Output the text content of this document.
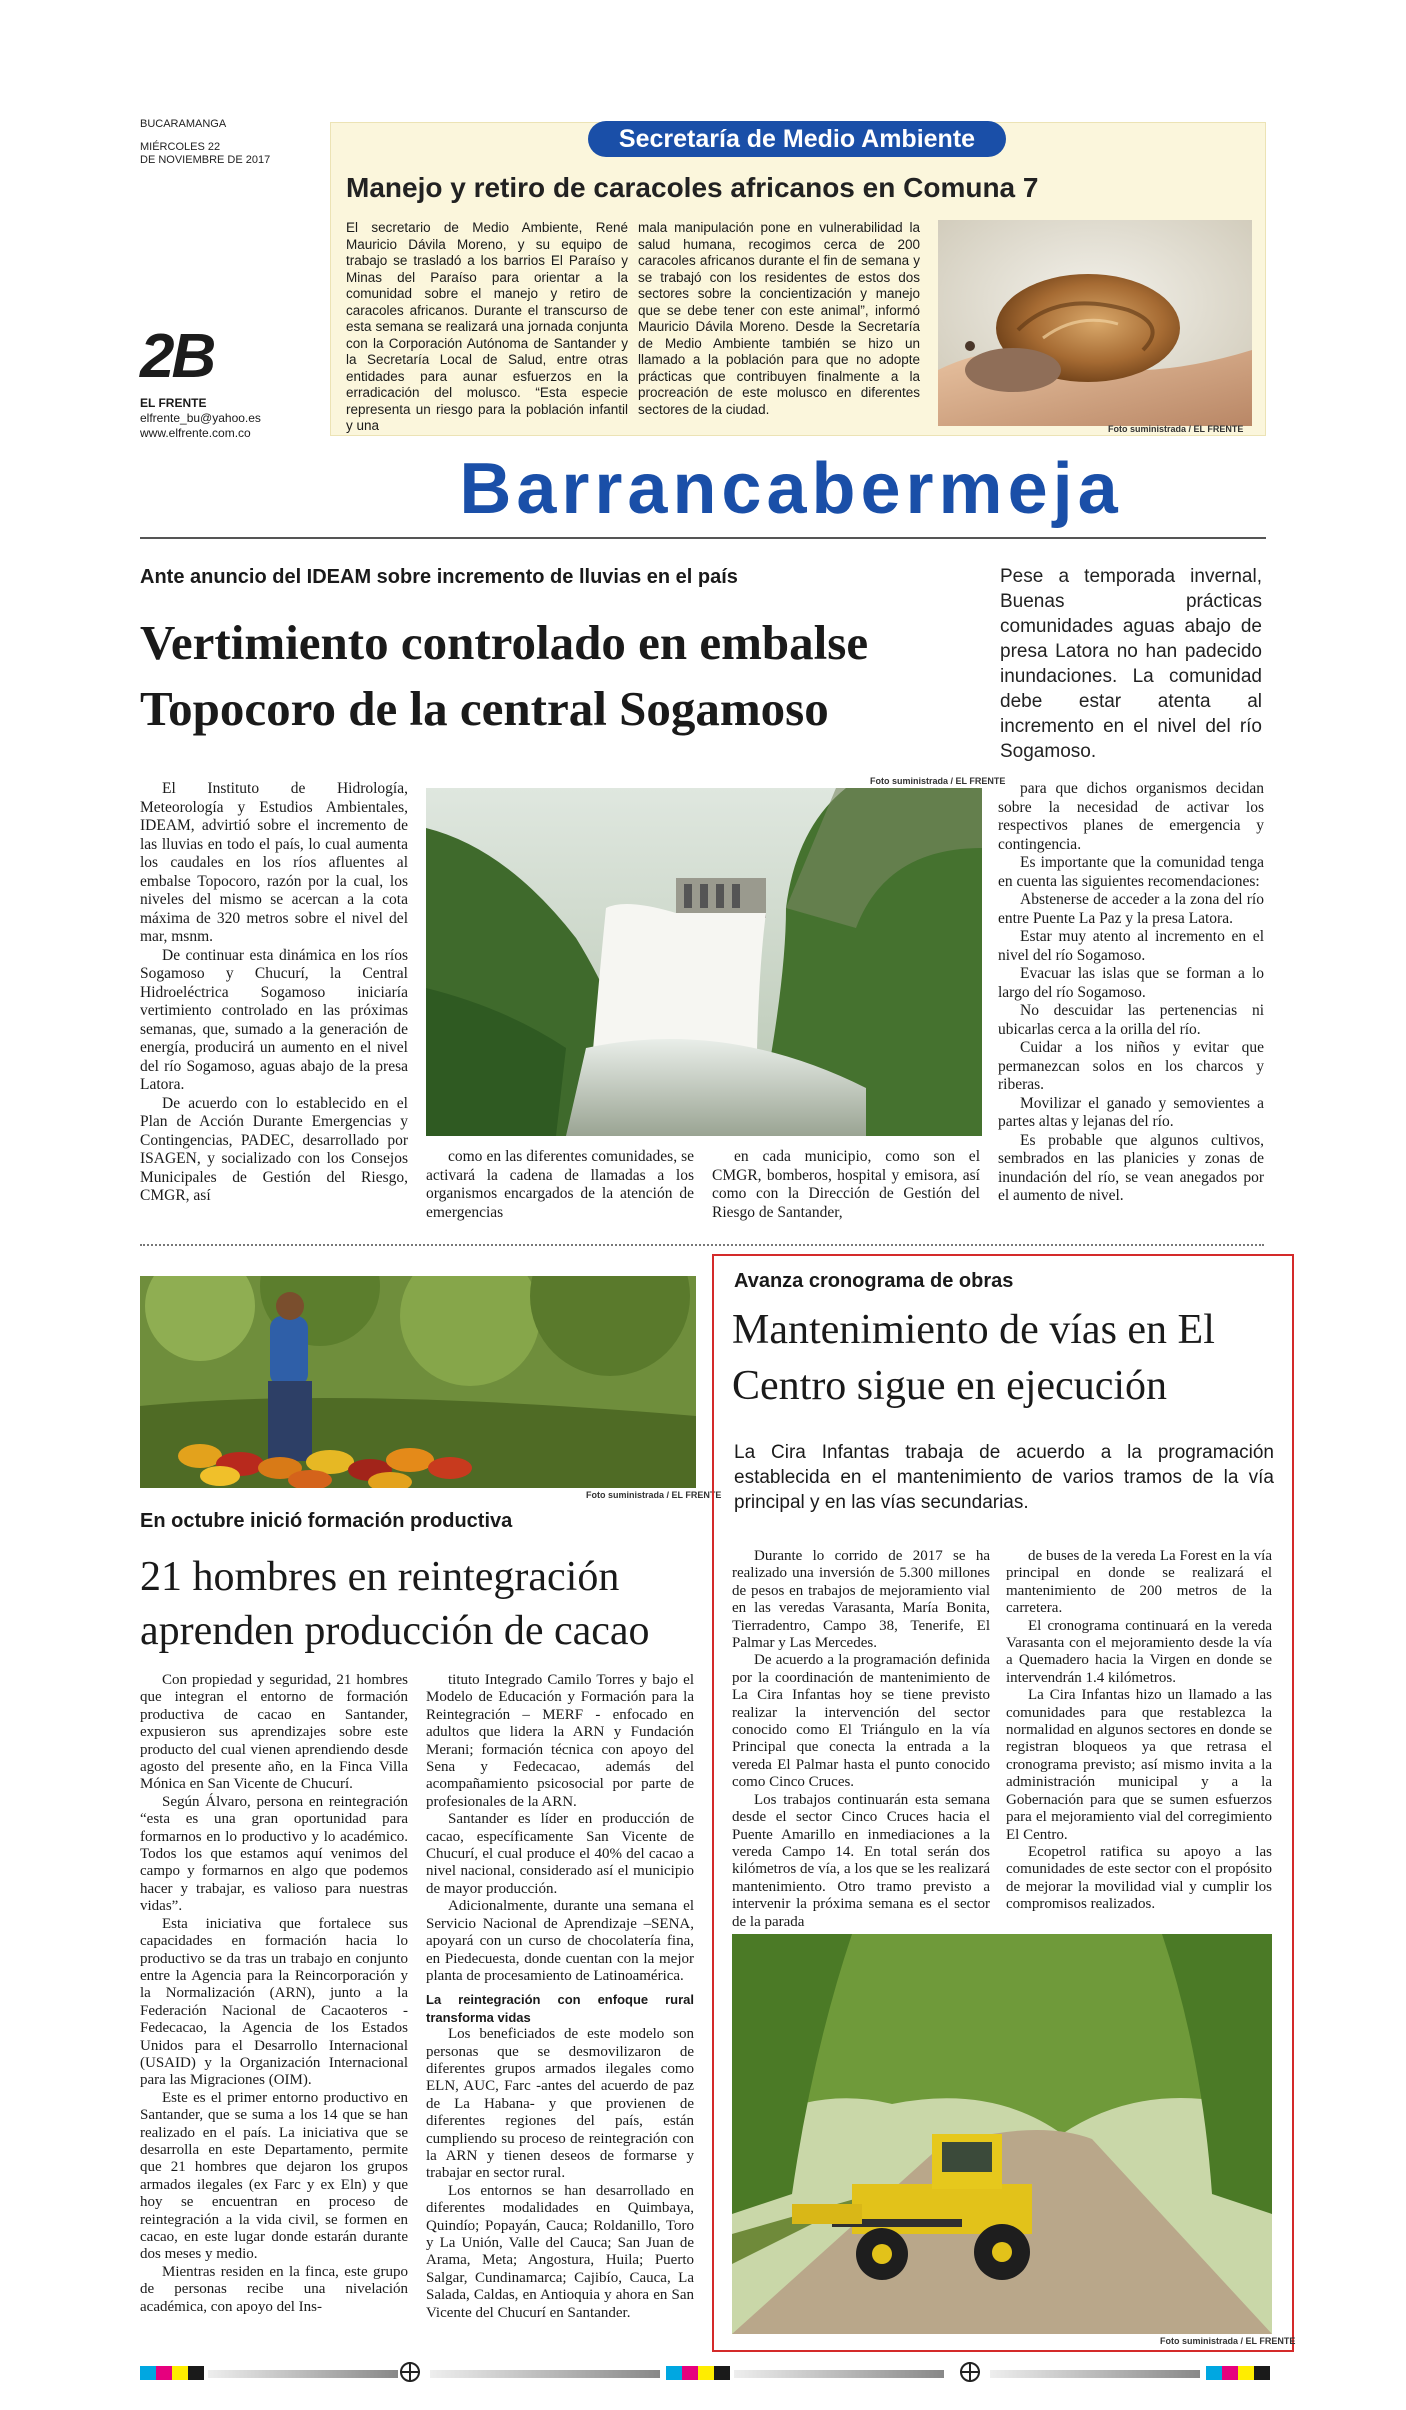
BUCARAMANGA
MIÉRCOLES 22
DE NOVIEMBRE DE 2017
2B
EL FRENTE
elfrente_bu@yahoo.es
www.elfrente.com.co
Secretaría de Medio Ambiente
Manejo y retiro de caracoles africanos en Comuna 7
El secretario de Medio Ambiente, René Mauricio Dávila Moreno, y su equipo de trabajo se trasladó a los barrios El Paraíso y Minas del Paraíso para orientar a la comunidad sobre el manejo y retiro de caracoles africanos. Durante el transcurso de esta semana se realizará una jornada conjunta con la Corporación Autónoma de Santander y la Secretaría Local de Salud, entre otras entidades para aunar esfuerzos en la erradicación del molusco. “Esta especie representa un riesgo para la población infantil y una
mala manipulación pone en vulnerabilidad la salud humana, recogimos cerca de 200 caracoles africanos durante el fin de semana y se trabajó con los residentes de estos dos sectores sobre la concientización y manejo que se debe tener con este animal”, informó Mauricio Dávila Moreno. Desde la Secretaría de Medio Ambiente también se hizo un llamado a la población para que no adopte prácticas que contribuyen finalmente a la procreación de este molusco en diferentes sectores de la ciudad.
Foto suministrada / EL FRENTE
Barrancabermeja
Ante anuncio del IDEAM sobre incremento de lluvias en el país
Vertimiento controlado en embalse
Topocoro de la central Sogamoso
Pese a temporada invernal, Buenas prácticas comunidades aguas abajo de presa Latora no han padecido inundaciones. La comunidad debe estar atenta al incremento en el nivel del río Sogamoso.

El Instituto de Hidrología, Meteorología y Estudios Ambientales, IDEAM, advirtió sobre el incremento de las lluvias en todo el país, lo cual aumenta los caudales en los ríos afluentes al embalse Topocoro, razón por la cual, los niveles del mismo se acercan a la cota máxima de 320 metros sobre el nivel del mar, msnm.

De continuar esta dinámica en los ríos Sogamoso y Chucurí, la Central Hidroeléctrica Sogamoso iniciaría vertimiento controlado en las próximas semanas, que, sumado a la generación de energía, producirá un aumento en el nivel del río Sogamoso, aguas abajo de la presa Latora.

De acuerdo con lo establecido en el Plan de Acción Durante Emergencias y Contingencias, PADEC, desarrollado por ISAGEN, y socializado con los Consejos Municipales de Gestión del Riesgo, CMGR, así

Foto suministrada / EL FRENTE

como en las diferentes comunidades, se activará la cadena de llamadas a los organismos encargados de la atención de emergencias

en cada municipio, como son el CMGR, bomberos, hospital y emisora, así como con la Dirección de Gestión del Riesgo de Santander,

para que dichos organismos decidan sobre la necesidad de activar los respectivos planes de emergencia y contingencia.

Es importante que la comunidad tenga en cuenta las siguientes recomendaciones:

Abstenerse de acceder a la zona del río entre Puente La Paz y la presa Latora.

Estar muy atento al incremento en el nivel del río Sogamoso.

Evacuar las islas que se forman a lo largo del río Sogamoso.

No descuidar las pertenencias ni ubicarlas cerca a la orilla del río.

Cuidar a los niños y evitar que permanezcan solos en los charcos y riberas.

Movilizar el ganado y semovientes a partes altas y lejanas del río.

Es probable que algunos cultivos, sembrados en las planicies y zonas de inundación del río, se vean anegados por el aumento de nivel.

Foto suministrada / EL FRENTE
En octubre inició formación productiva
21 hombres en reintegración
aprenden producción de cacao

Con propiedad y seguridad, 21 hombres que integran el entorno de formación productiva de cacao en Santander, expusieron sus aprendizajes sobre este producto del cual vienen aprendiendo desde agosto del presente año, en la Finca Villa Mónica en San Vicente de Chucurí.

Según Álvaro, persona en reintegración “esta es una gran oportunidad para formarnos en lo productivo y lo académico. Todos los que estamos aquí venimos del campo y formarnos en algo que podemos hacer y trabajar, es valioso para nuestras vidas”.

Esta iniciativa que fortalece sus capacidades en formación hacia lo productivo se da tras un trabajo en conjunto entre la Agencia para la Reincorporación y la Normalización (ARN), junto a la Federación Nacional de Cacaoteros - Fedecacao, la Agencia de los Estados Unidos para el Desarrollo Internacional (USAID) y la Organización Internacional para las Migraciones (OIM).

Este es el primer entorno productivo en Santander, que se suma a los 14 que se han realizado en el país. La iniciativa que se desarrolla en este Departamento, permite que 21 hombres que dejaron los grupos armados ilegales (ex Farc y ex Eln) y que hoy se encuentran en proceso de reintegración a la vida civil, se formen en cacao, en este lugar donde estarán durante dos meses y medio.

Mientras residen en la finca, este grupo de personas recibe una nivelación académica, con apoyo del Ins-

tituto Integrado Camilo Torres y bajo el Modelo de Educación y Formación para la Reintegración – MERF - enfocado en adultos que lidera la ARN y Fundación Merani; formación técnica con apoyo del Sena y Fedecacao, además del acompañamiento psicosocial por parte de profesionales de la ARN.

Santander es líder en producción de cacao, específicamente San Vicente de Chucurí, el cual produce el 40% del cacao a nivel nacional, considerado así el municipio de mayor producción.

Adicionalmente, durante una semana el Servicio Nacional de Aprendizaje –SENA, apoyará con un curso de chocolatería fina, en Piedecuesta, donde cuentan con la mejor planta de procesamiento de Latinoamérica.

La reintegración con enfoque rural transforma vidas

Los beneficiados de este modelo son personas que se desmovilizaron de diferentes grupos armados ilegales como ELN, AUC, Farc -antes del acuerdo de paz de La Habana- y que provienen de diferentes regiones del país, están cumpliendo su proceso de reintegración con la ARN y tienen deseos de formarse y trabajar en sector rural.

Los entornos se han desarrollado en diferentes modalidades en Quimbaya, Quindío; Popayán, Cauca; Roldanillo, Toro y La Unión, Valle del Cauca; San Juan de Arama, Meta; Angostura, Huila; Puerto Salgar, Cundinamarca; Cajibío, Cauca, La Salada, Caldas, en Antioquia y ahora en San Vicente del Chucurí en Santander.

Avanza cronograma de obras
Mantenimiento de vías en El
Centro sigue en ejecución
La Cira Infantas trabaja de acuerdo a la programación establecida en el mantenimiento de varios tramos de la vía principal y en las vías secundarias.

Durante lo corrido de 2017 se ha realizado una inversión de 5.300 millones de pesos en trabajos de mejoramiento vial en las veredas Varasanta, María Bonita, Tierradentro, Campo 38, Tenerife, El Palmar y Las Mercedes.

De acuerdo a la programación definida por la coordinación de mantenimiento de La Cira Infantas hoy se tiene previsto realizar la intervención del sector conocido como El Triángulo en la vía Principal que conecta la entrada a la vereda El Palmar hasta el punto conocido como Cinco Cruces.

Los trabajos continuarán esta semana desde el sector Cinco Cruces hacia el Puente Amarillo en inmediaciones a la vereda Campo 14. En total serán dos kilómetros de vía, a los que se les realizará mantenimiento. Otro tramo previsto a intervenir la próxima semana es el sector de la parada

de buses de la vereda La Forest en la vía principal en donde se realizará el mantenimiento de 200 metros de la carretera.

El cronograma continuará en la vereda Varasanta con el mejoramiento desde la vía a Quemadero hacia la Virgen en donde se intervendrán 1.4 kilómetros.

La Cira Infantas hizo un llamado a las comunidades para que restablezca la normalidad en algunos sectores en donde se registran bloqueos ya que retrasa el cronograma previsto; así mismo invita a la administración municipal y a la Gobernación para que se sumen esfuerzos para el mejoramiento vial del corregimiento El Centro.

Ecopetrol ratifica su apoyo a las comunidades de este sector con el propósito de mejorar la movilidad vial y cumplir los compromisos realizados.

Foto suministrada / EL FRENTE
